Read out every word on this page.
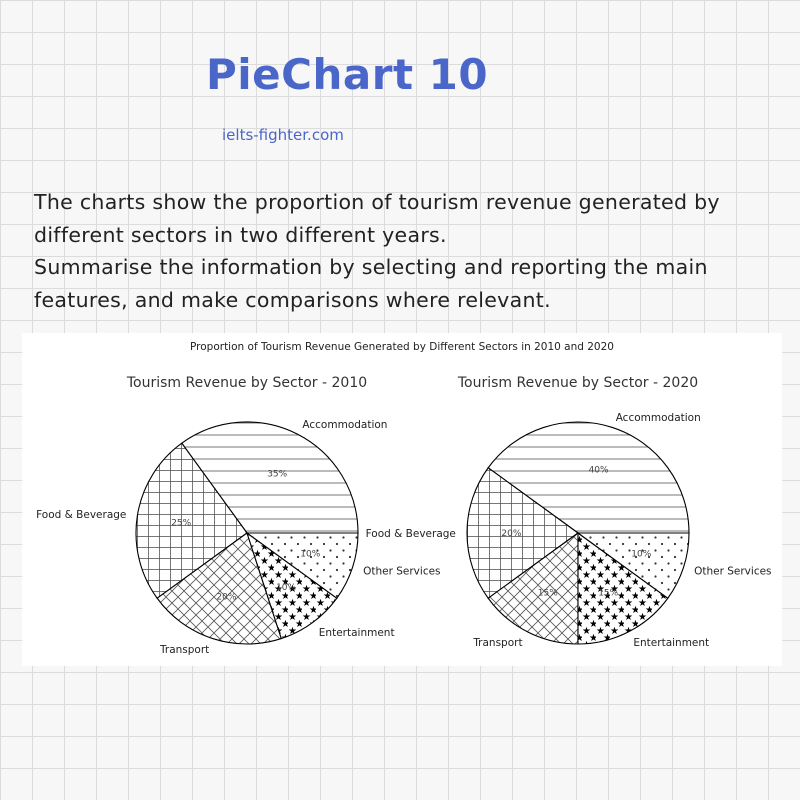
PieChart 10
ielts-fighter.com

The charts show the proportion of tourism revenue generated by different sectors in two different years.

Summarise the information by selecting and reporting the main features, and make comparisons where relevant.

Proportion of Tourism Revenue Generated by Different Sectors in 2010 and 2020
Tourism Revenue by Sector - 2010
35%
Accommodation
25%
Food & Beverage
20%
Transport
10%
Entertainment
10%
Other Services
Tourism Revenue by Sector - 2020
40%
Accommodation
20%
Food & Beverage
15%
Transport
15%
Entertainment
10%
Other Services
